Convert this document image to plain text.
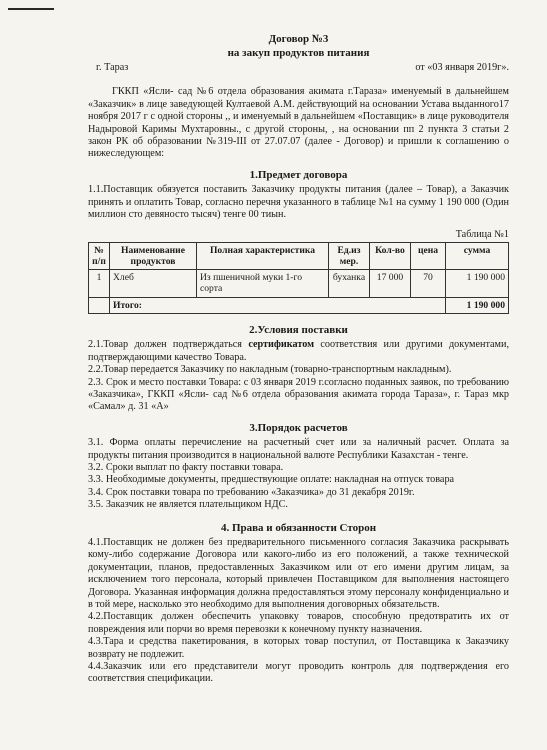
Договор №3
на закуп продуктов питания
г. Тараз	от «03 января 2019г».

ГККП «Ясли- сад №6 отдела образования акимата г.Тараза» именуемый в дальнейшем «Заказчик» в лице заведующей Култаевой А.М. действующий на основании Устава выданного17 ноября 2017 г с одной стороны ,, и именуемый в дальнейшем «Поставщик» в лице руководителя Надыровой Каримы Мухтаровны., с другой стороны, , на основании пп 2 пункта 3 статьи 2 закон РК об образовании №319-III от 27.07.07 (далее - Договор) и пришли к соглашению о нижеследующем:

1.Предмет договора

1.1.Поставщик обязуется поставить Заказчику продукты питания (далее – Товар), а Заказчик принять и оплатить Товар, согласно перечня указанного в таблице №1 на сумму 1 190 000 (Один миллион сто девяносто тысяч) тенге 00 тиын.

Таблица №1
№ п/п	Наименование продуктов	Полная характеристика	Ед.из мер.	Кол-во	цена	сумма
1	Хлеб	Из пшеничной муки 1-го сорта	буханка	17 000	70	1 190 000
	Итого:					1 190 000
2.Условия поставки

2.1.Товар должен подтверждаться сертификатом соответствия или другими документами, подтверждающими качество Товара.

2.2.Товар передается Заказчику по накладным (товарно-транспортным накладным).

2.3. Срок и место поставки Товара: с 03 января 2019 г.согласно поданных заявок, по требованию «Заказчика», ГККП «Ясли- сад №6 отдела образования акимата города Тараза», г. Тараз мкр «Самал» д. 31 «А»

3.Порядок расчетов

3.1. Форма оплаты перечисление на расчетный счет или за наличный расчет. Оплата за продукты питания производится в национальной валюте Республики Казахстан - тенге.

3.2. Сроки выплат по факту поставки товара.

3.3. Необходимые документы, предшествующие оплате: накладная на отпуск товара

3.4. Срок поставки товара по требованию «Заказчика» до 31 декабря 2019г.

3.5. Заказчик не является плательщиком НДС.

4. Права и обязанности Сторон

4.1.Поставщик не должен без предварительного письменного согласия Заказчика раскрывать кому-либо содержание Договора или какого-либо из его положений, а также технической документации, планов, предоставленных Заказчиком или от его имени другим лицам, за исключением того персонала, который привлечен Поставщиком для выполнения настоящего Договора. Указанная информация должна предоставляться этому персоналу конфиденциально и в той мере, насколько это необходимо для выполнения договорных обязательств.

4.2.Поставщик должен обеспечить упаковку товаров, способную предотвратить их от повреждения или порчи во время перевозки к конечному пункту назначения.

4.3.Тара и средства пакетирования, в которых товар поступил, от Поставщика к Заказчику возврату не подлежит.

4.4.Заказчик или его представители могут проводить контроль для подтверждения его соответствия спецификации.
